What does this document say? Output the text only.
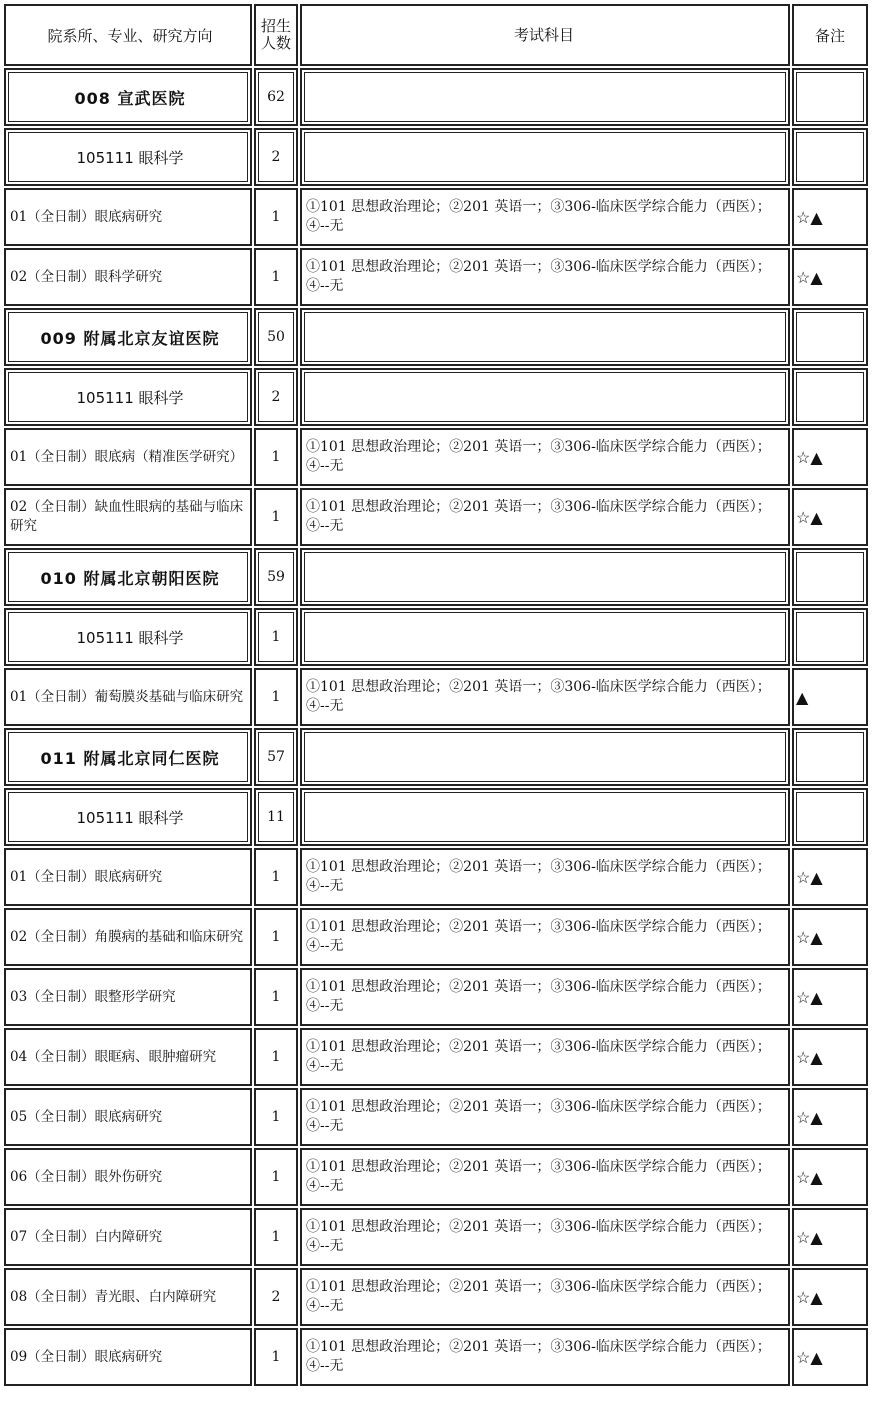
院系所、专业、研究方向
招生人数	考试科目	备注
008 宣武医院	62
105111 眼科学	2
01（全日制）眼底病研究	1
①101 思想政治理论；②201 英语一；③306-临床医学综合能力（西医）；④--无	☆▲
02（全日制）眼科学研究	1
①101 思想政治理论；②201 英语一；③306-临床医学综合能力（西医）；④--无	☆▲
009 附属北京友谊医院	50
105111 眼科学	2
01（全日制）眼底病（精准医学研究）	1
①101 思想政治理论；②201 英语一；③306-临床医学综合能力（西医）；④--无	☆▲
02（全日制）缺血性眼病的基础与临床研究
1
①101 思想政治理论；②201 英语一；③306-临床医学综合能力（西医）；④--无	☆▲
010 附属北京朝阳医院	59
105111 眼科学	1
01（全日制）葡萄膜炎基础与临床研究	1
①101 思想政治理论；②201 英语一；③306-临床医学综合能力（西医）；④--无	▲
011 附属北京同仁医院	57
105111 眼科学	11
01（全日制）眼底病研究	1
①101 思想政治理论；②201 英语一；③306-临床医学综合能力（西医）；④--无	☆▲
02（全日制）角膜病的基础和临床研究	1
①101 思想政治理论；②201 英语一；③306-临床医学综合能力（西医）；④--无	☆▲
03（全日制）眼整形学研究	1
①101 思想政治理论；②201 英语一；③306-临床医学综合能力（西医）；④--无	☆▲
04（全日制）眼眶病、眼肿瘤研究	1
①101 思想政治理论；②201 英语一；③306-临床医学综合能力（西医）；④--无	☆▲
05（全日制）眼底病研究	1
①101 思想政治理论；②201 英语一；③306-临床医学综合能力（西医）；④--无	☆▲
06（全日制）眼外伤研究	1
①101 思想政治理论；②201 英语一；③306-临床医学综合能力（西医）；④--无	☆▲
07（全日制）白内障研究	1
①101 思想政治理论；②201 英语一；③306-临床医学综合能力（西医）；④--无	☆▲
08（全日制）青光眼、白内障研究	2
①101 思想政治理论；②201 英语一；③306-临床医学综合能力（西医）；④--无	☆▲
09（全日制）眼底病研究	1
①101 思想政治理论；②201 英语一；③306-临床医学综合能力（西医）；④--无	☆▲
